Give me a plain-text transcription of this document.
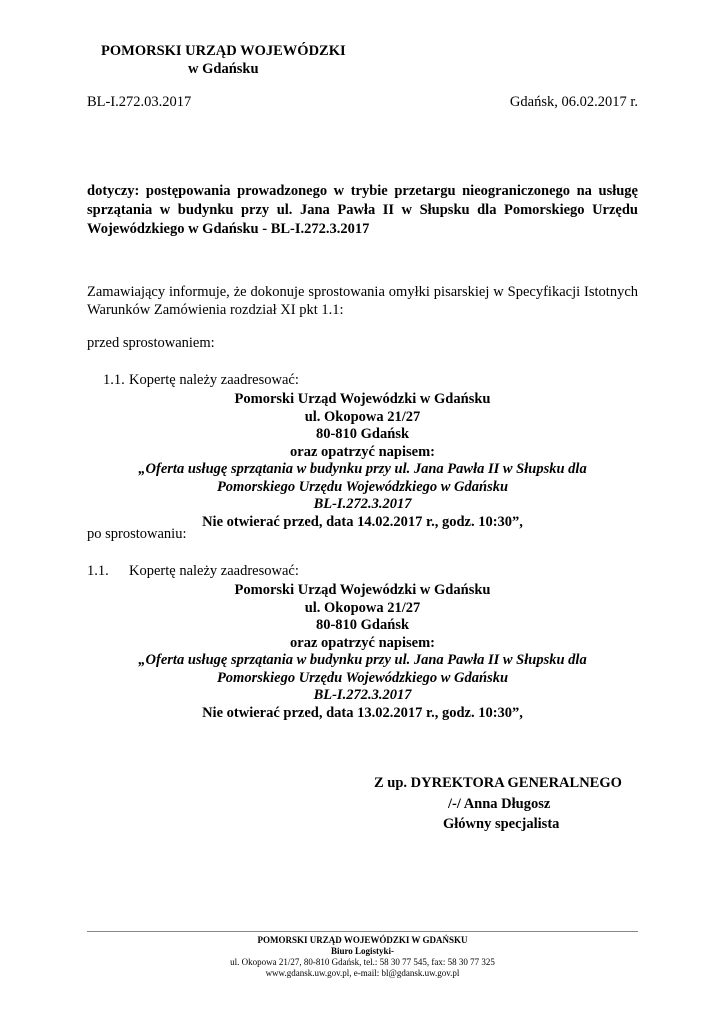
POMORSKI URZĄD WOJEWÓDZKI
w Gdańsku
BL-I.272.03.2017	Gdańsk, 06.02.2017 r.
dotyczy: postępowania prowadzonego w trybie przetargu nieograniczonego na usługę sprzątania w budynku przy ul. Jana Pawła II w Słupsku dla Pomorskiego Urzędu Wojewódzkiego w Gdańsku - BL-I.272.3.2017
Zamawiający informuje, że dokonuje sprostowania omyłki pisarskiej w Specyfikacji Istotnych Warunków Zamówienia rozdział XI pkt 1.1:
przed sprostowaniem:
1.1. Kopertę należy zaadresować:
Pomorski Urząd Wojewódzki w Gdańsku
ul. Okopowa 21/27
80-810 Gdańsk
oraz opatrzyć napisem:
„Oferta usługę sprzątania w budynku przy ul. Jana Pawła II w Słupsku dla
Pomorskiego Urzędu Wojewódzkiego w Gdańsku
BL-I.272.3.2017
Nie otwierać przed, data 14.02.2017 r., godz. 10:30”,
po sprostowaniu:
1.1. Kopertę należy zaadresować:
Pomorski Urząd Wojewódzki w Gdańsku
ul. Okopowa 21/27
80-810 Gdańsk
oraz opatrzyć napisem:
„Oferta usługę sprzątania w budynku przy ul. Jana Pawła II w Słupsku dla
Pomorskiego Urzędu Wojewódzkiego w Gdańsku
BL-I.272.3.2017
Nie otwierać przed, data 13.02.2017 r., godz. 10:30”,
Z up. DYREKTORA GENERALNEGO
/-/ Anna Długosz
Główny specjalista
POMORSKI URZĄD WOJEWÓDZKI W GDAŃSKU
Biuro Logistyki-
ul. Okopowa 21/27, 80-810 Gdańsk, tel.: 58 30 77 545, fax: 58 30 77 325
www.gdansk.uw.gov.pl, e-mail: bl@gdansk.uw.gov.pl
